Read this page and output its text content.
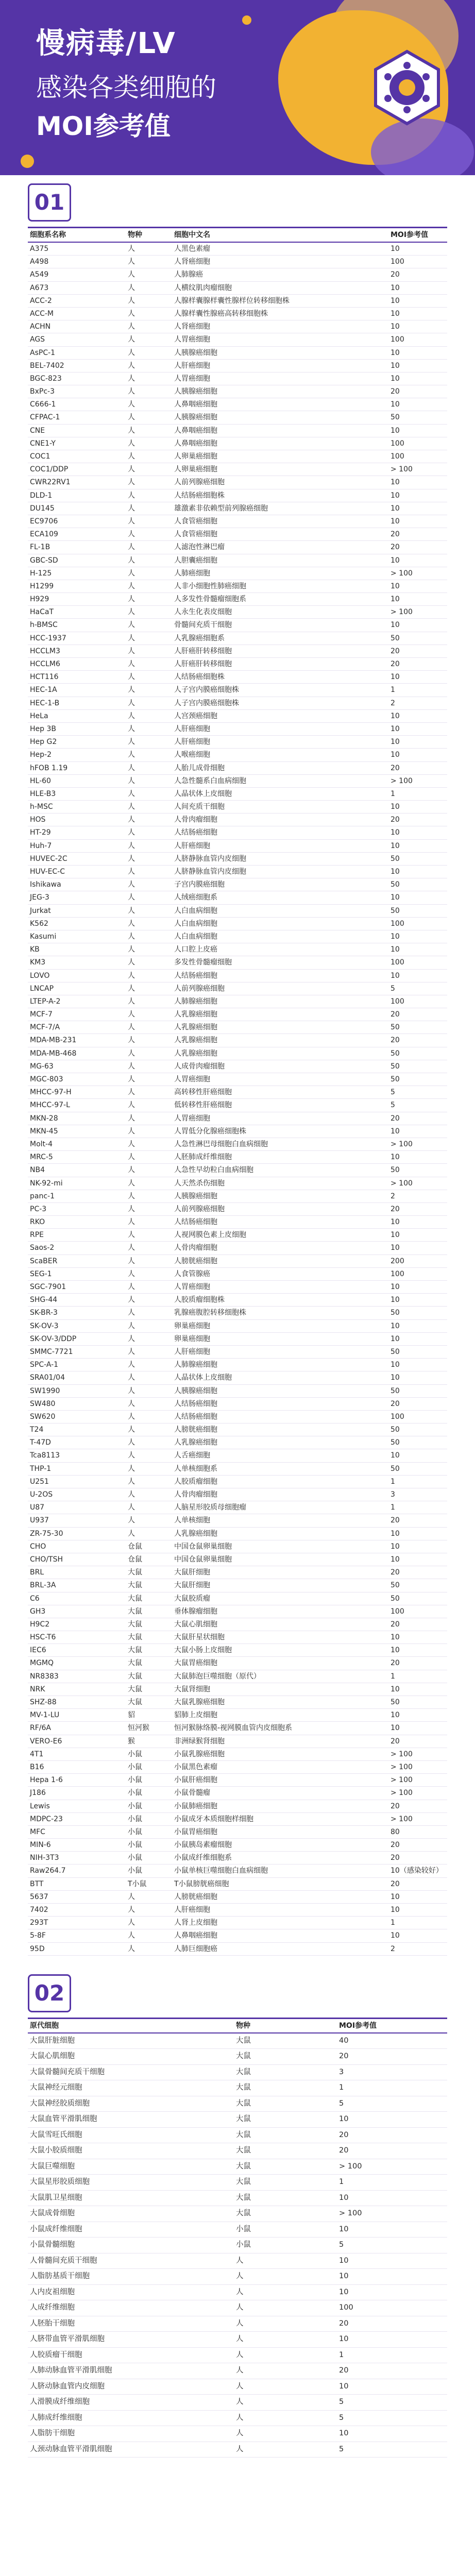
慢病毒/LV
感染各类细胞的
MOI参考值
01
细胞系名称	物种	细胞中文名	MOI参考值
A375	人	人黑色素瘤	10
A498	人	人肾癌细胞	100
A549	人	人肺腺癌	20
A673	人	人横纹肌肉瘤细胞	10
ACC-2	人	人腺样囊腺样囊性腺样位转移细胞株	10
ACC-M	人	人腺样囊性腺癌高转移细胞株	10
ACHN	人	人肾癌细胞	10
AGS	人	人胃癌细胞	100
AsPC-1	人	人胰腺癌细胞	10
BEL-7402	人	人肝癌细胞	10
BGC-823	人	人胃癌细胞	10
BxPc-3	人	人胰腺癌细胞	20
C666-1	人	人鼻咽癌细胞	10
CFPAC-1	人	人胰腺癌细胞	50
CNE	人	人鼻咽癌细胞	10
CNE1-Y	人	人鼻咽癌细胞	100
COC1	人	人卵巢癌细胞	100
COC1/DDP	人	人卵巢癌细胞	> 100
CWR22RV1	人	人前列腺癌细胞	10
DLD-1	人	人结肠癌细胞株	10
DU145	人	雄激素非依赖型前列腺癌细胞	10
EC9706	人	人食管癌细胞	10
ECA109	人	人食管癌细胞	20
FL-1B	人	人滤泡性淋巴瘤	20
GBC-SD	人	人胆囊癌细胞	10
H-125	人	人肺癌细胞	> 100
H1299	人	人非小细胞性肺癌细胞	10
H929	人	人多发性骨髓瘤细胞系	10
HaCaT	人	人永生化表皮细胞	> 100
h-BMSC	人	骨髓间充质干细胞	10
HCC-1937	人	人乳腺癌细胞系	50
HCCLM3	人	人肝癌肝转移细胞	20
HCCLM6	人	人肝癌肝转移细胞	20
HCT116	人	人结肠癌细胞株	10
HEC-1A	人	人子宫内膜癌细胞株	1
HEC-1-B	人	人子宫内膜癌细胞株	2
HeLa	人	人宫颈癌细胞	10
Hep 3B	人	人肝癌细胞	10
Hep G2	人	人肝癌细胞	10
Hep-2	人	人喉癌细胞	10
hFOB 1.19	人	人胎儿成骨细胞	20
HL-60	人	人急性髓系白血病细胞	> 100
HLE-B3	人	人晶状体上皮细胞	1
h-MSC	人	人间充质干细胞	10
HOS	人	人骨肉瘤细胞	20
HT-29	人	人结肠癌细胞	10
Huh-7	人	人肝癌细胞	10
HUVEC-2C	人	人脐静脉血管内皮细胞	50
HUV-EC-C	人	人脐静脉血管内皮细胞	10
Ishikawa	人	子宫内膜癌细胞	50
JEG-3	人	人绒癌细胞系	10
Jurkat	人	人白血病细胞	50
K562	人	人白血病细胞	100
Kasumi	人	人白血病细胞	10
KB	人	人口腔上皮癌	10
KM3	人	多发性骨髓瘤细胞	100
LOVO	人	人结肠癌细胞	10
LNCAP	人	人前列腺癌细胞	5
LTEP-A-2	人	人肺腺癌细胞	100
MCF-7	人	人乳腺癌细胞	20
MCF-7/A	人	人乳腺癌细胞	50
MDA-MB-231	人	人乳腺癌细胞	20
MDA-MB-468	人	人乳腺癌细胞	50
MG-63	人	人成骨肉瘤细胞	50
MGC-803	人	人胃癌细胞	50
MHCC-97-H	人	高转移性肝癌细胞	5
MHCC-97-L	人	低转移性肝癌细胞	5
MKN-28	人	人胃癌细胞	20
MKN-45	人	人胃低分化腺癌细胞株	10
Molt-4	人	人急性淋巴母细胞白血病细胞	> 100
MRC-5	人	人胚肺成纤维细胞	10
NB4	人	人急性早幼粒白血病细胞	50
NK-92-mi	人	人天然杀伤细胞	> 100
panc-1	人	人胰腺癌细胞	2
PC-3	人	人前列腺癌细胞	20
RKO	人	人结肠癌细胞	10
RPE	人	人视网膜色素上皮细胞	10
Saos-2	人	人骨肉瘤细胞	10
ScaBER	人	人膀胱癌细胞	200
SEG-1	人	人食管腺癌	100
SGC-7901	人	人胃癌细胞	10
SHG-44	人	人胶质瘤细胞株	10
SK-BR-3	人	乳腺癌腹腔转移细胞株	50
SK-OV-3	人	卵巢癌细胞	10
SK-OV-3/DDP	人	卵巢癌细胞	10
SMMC-7721	人	人肝癌细胞	50
SPC-A-1	人	人肺腺癌细胞	10
SRA01/04	人	人晶状体上皮细胞	10
SW1990	人	人胰腺癌细胞	50
SW480	人	人结肠癌细胞	20
SW620	人	人结肠癌细胞	100
T24	人	人膀胱癌细胞	50
T-47D	人	人乳腺癌细胞	50
Tca8113	人	人舌癌细胞	10
THP-1	人	人单核细胞系	50
U251	人	人胶质瘤细胞	1
U-2OS	人	人骨肉瘤细胞	3
U87	人	人脑星形胶质母细胞瘤	1
U937	人	人单核细胞	20
ZR-75-30	人	人乳腺癌细胞	10
CHO	仓鼠	中国仓鼠卵巢细胞	10
CHO/TSH	仓鼠	中国仓鼠卵巢细胞	10
BRL	大鼠	大鼠肝细胞	20
BRL-3A	大鼠	大鼠肝细胞	50
C6	大鼠	大鼠胶质瘤	50
GH3	大鼠	垂体腺瘤细胞	100
H9C2	大鼠	大鼠心肌细胞	20
HSC-T6	大鼠	大鼠肝星状细胞	10
IEC6	大鼠	大鼠小肠上皮细胞	10
MGMQ	大鼠	大鼠胃癌细胞	20
NR8383	大鼠	大鼠肺泡巨噬细胞（原代）	1
NRK	大鼠	大鼠肾细胞	10
SHZ-88	大鼠	大鼠乳腺癌细胞	50
MV-1-LU	貂	貂肺上皮细胞	10
RF/6A	恒河猴	恒河猴脉络膜-视网膜血管内皮细胞系	10
VERO-E6	猴	非洲绿猴肾细胞	20
4T1	小鼠	小鼠乳腺癌细胞	> 100
B16	小鼠	小鼠黑色素瘤	> 100
Hepa 1-6	小鼠	小鼠肝癌细胞	> 100
J186	小鼠	小鼠骨髓瘤	> 100
Lewis	小鼠	小鼠肺癌细胞	20
MDPC-23	小鼠	小鼠成牙本质细胞样细胞	> 100
MFC	小鼠	小鼠胃癌细胞	80
MIN-6	小鼠	小鼠胰岛素瘤细胞	20
NIH-3T3	小鼠	小鼠成纤维细胞系	20
Raw264.7	小鼠	小鼠单核巨噬细胞白血病细胞	10（感染较好）
BTT	T小鼠	T小鼠膀胱癌细胞	20
5637	人	人膀胱癌细胞	10
7402	人	人肝癌细胞	10
293T	人	人肾上皮细胞	1
5-8F	人	人鼻咽癌细胞	10
95D	人	人肺巨细胞癌	2
02
原代细胞	物种	MOI参考值
大鼠肝脏细胞	大鼠	40
大鼠心肌细胞	大鼠	20
大鼠骨髓间充质干细胞	大鼠	3
大鼠神经元细胞	大鼠	1
大鼠神经胶质细胞	大鼠	5
大鼠血管平滑肌细胞	大鼠	10
大鼠雪旺氏细胞	大鼠	20
大鼠小胶质细胞	大鼠	20
大鼠巨噬细胞	大鼠	> 100
大鼠星形胶质细胞	大鼠	1
大鼠肌卫星细胞	大鼠	10
大鼠成骨细胞	大鼠	> 100
小鼠成纤维细胞	小鼠	10
小鼠骨髓细胞	小鼠	5
人骨髓间充质干细胞	人	10
人脂肪基质干细胞	人	10
人内皮祖细胞	人	10
人成纤维细胞	人	100
人胚胎干细胞	人	20
人脐带血管平滑肌细胞	人	10
人胶质瘤干细胞	人	1
人肺动脉血管平滑肌细胞	人	20
人脐动脉血管内皮细胞	人	10
人滑膜成纤维细胞	人	5
人肺成纤维细胞	人	5
人脂肪干细胞	人	10
人颈动脉血管平滑肌细胞	人	5
